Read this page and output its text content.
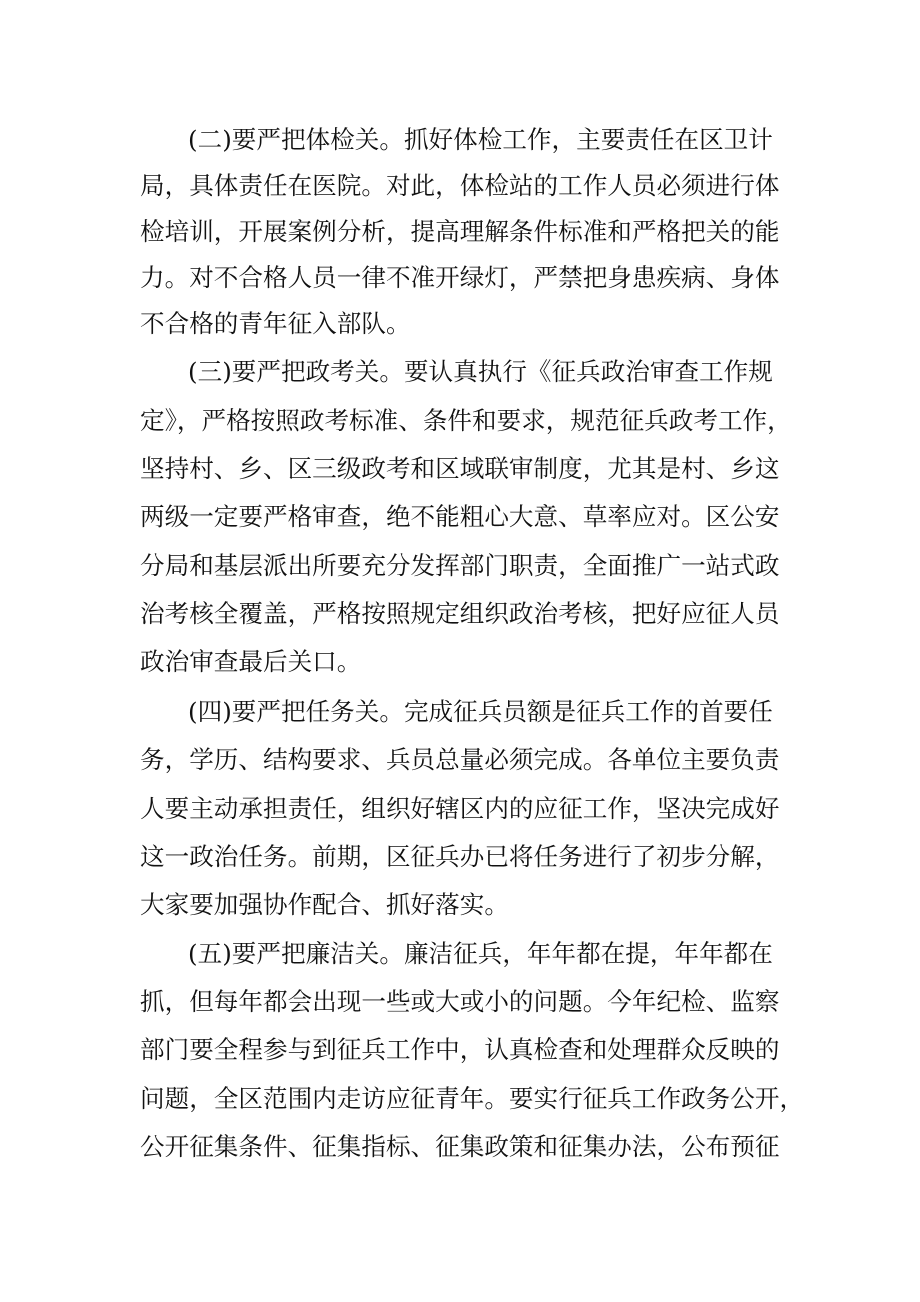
(二)要严把体检关。抓好体检工作，主要责任在区卫计
局，具体责任在医院。对此，体检站的工作人员必须进行体
检培训，开展案例分析，提高理解条件标准和严格把关的能
力。对不合格人员一律不准开绿灯，严禁把身患疾病、身体
不合格的青年征入部队。
(三)要严把政考关。要认真执行《征兵政治审查工作规
定》，严格按照政考标准、条件和要求，规范征兵政考工作，
坚持村、乡、区三级政考和区域联审制度，尤其是村、乡这
两级一定要严格审查，绝不能粗心大意、草率应对。区公安
分局和基层派出所要充分发挥部门职责，全面推广一站式政
治考核全覆盖，严格按照规定组织政治考核，把好应征人员
政治审查最后关口。
(四)要严把任务关。完成征兵员额是征兵工作的首要任
务，学历、结构要求、兵员总量必须完成。各单位主要负责
人要主动承担责任，组织好辖区内的应征工作，坚决完成好
这一政治任务。前期，区征兵办已将任务进行了初步分解，
大家要加强协作配合、抓好落实。
(五)要严把廉洁关。廉洁征兵，年年都在提，年年都在
抓，但每年都会出现一些或大或小的问题。今年纪检、监察
部门要全程参与到征兵工作中，认真检查和处理群众反映的
问题，全区范围内走访应征青年。要实行征兵工作政务公开，
公开征集条件、征集指标、征集政策和征集办法，公布预征
